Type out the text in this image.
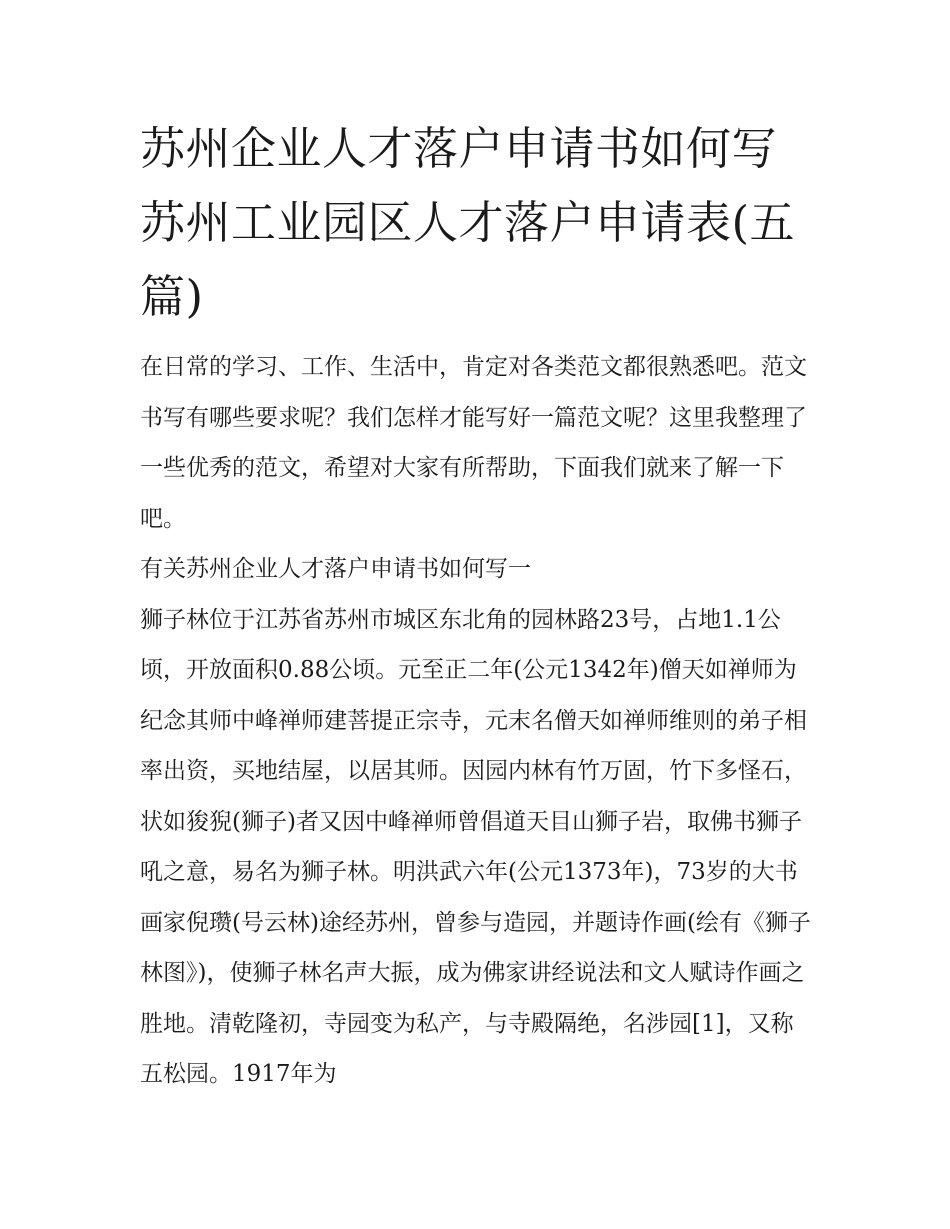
苏州企业人才落户申请书如何写 苏州工业园区人才落户申请表(五篇)

在日常的学习、工作、生活中，肯定对各类范文都很熟悉吧。范文书写有哪些要求呢？我们怎样才能写好一篇范文呢？这里我整理了一些优秀的范文，希望对大家有所帮助，下面我们就来了解一下吧。

有关苏州企业人才落户申请书如何写一

狮子林位于江苏省苏州市城区东北角的园林路23号，占地1.1公顷，开放面积0.88公顷。元至正二年(公元1342年)僧天如禅师为纪念其师中峰禅师建菩提正宗寺，元末名僧天如禅师维则的弟子相率出资，买地结屋，以居其师。因园内林有竹万固，竹下多怪石，状如狻猊(狮子)者又因中峰禅师曾倡道天目山狮子岩，取佛书狮子吼之意，易名为狮子林。明洪武六年(公元1373年)，73岁的大书画家倪瓒(号云林)途经苏州，曾参与造园，并题诗作画(绘有《狮子林图》)，使狮子林名声大振，成为佛家讲经说法和文人赋诗作画之胜地。清乾隆初，寺园变为私产，与寺殿隔绝，名涉园[1]，又称五松园。1917年为
